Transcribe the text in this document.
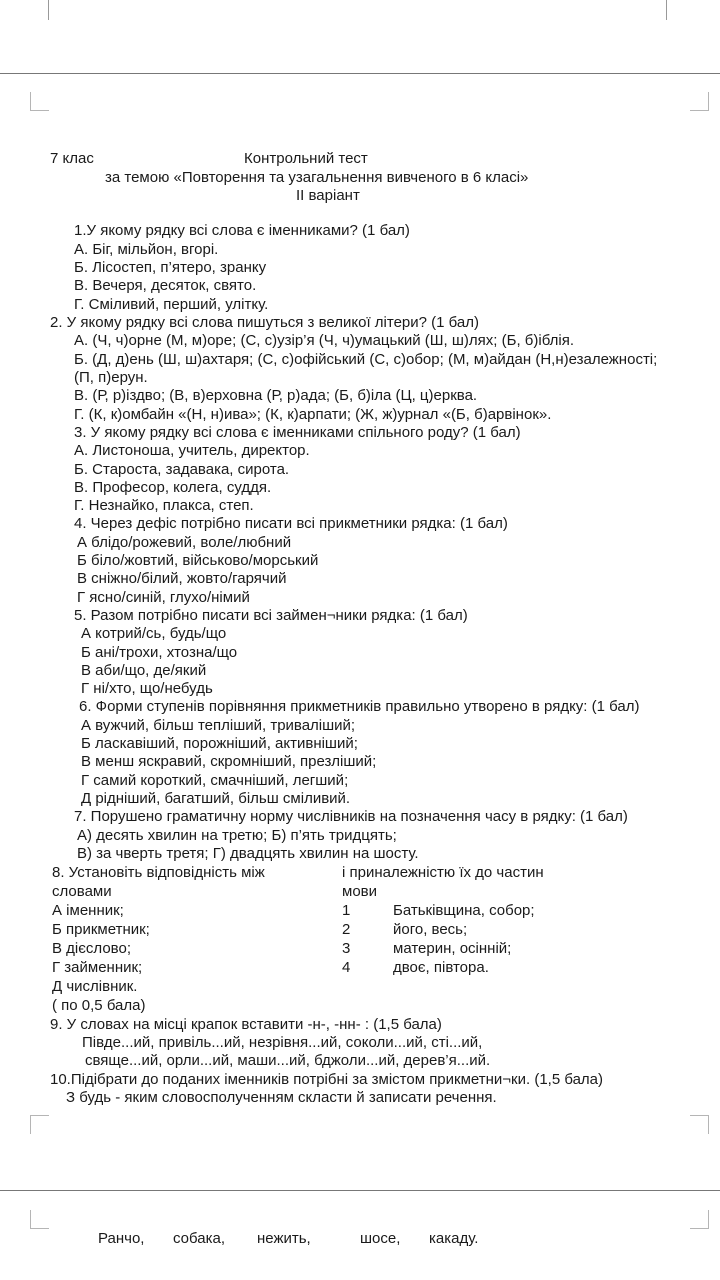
7 клас	Контрольний тест
за темою «Повторення та узагальнення вивченого в 6 класі»
ІІ варіант
1.У якому рядку всі слова є іменниками? (1 бал)
А. Біг, мільйон, вгорі.
Б. Лісостеп, п’ятеро, зранку
В. Вечеря, десяток, свято.
Г. Сміливий, перший, улітку.
2. У якому рядку всі слова пишуться з великої літери? (1 бал)
А. (Ч, ч)орне (М, м)оре; (С, с)узір’я (Ч, ч)умацький (Ш, ш)лях; (Б, б)іблія.
Б. (Д, д)ень (Ш, ш)ахтаря; (С, с)офійський (С, с)обор; (М, м)айдан (Н,н)езалежності;
(П, п)ерун.
В. (Р, р)іздво; (В, в)ерховна (Р, р)ада; (Б, б)іла (Ц, ц)ерква.
Г. (К, к)омбайн «(Н, н)ива»; (К, к)арпати; (Ж, ж)урнал «(Б, б)арвінок».
3. У якому рядку всі слова є іменниками спільного роду? (1 бал)
А. Листоноша, учитель, директор.
Б. Староста, задавака, сирота.
В. Професор, колега, суддя.
Г. Незнайко, плакса, степ.
4. Через дефіс потрібно писати всі прикметники рядка: (1 бал)
А блідо/рожевий, воле/любний
Б біло/жовтий, військово/морський
В сніжно/білий, жовто/гарячий
Г ясно/синій, глухо/німий
5. Разом потрібно писати всі займен¬ники рядка: (1 бал)
А котрий/сь, будь/що
Б ані/трохи, хтозна/що
В аби/що, де/який
Г ні/хто, що/небудь
6. Форми ступенів порівняння прикметників правильно утворено в рядку: (1 бал)
А вужчий, більш тепліший, триваліший;
Б ласкавіший, порожніший, активніший;
В менш яскравий, скромніший, презліший;
Г самий короткий, смачніший, легший;
Д рідніший, багатший, більш сміливий.
7. Порушено граматичну норму числівників на позначення часу в рядку: (1 бал)
А) десять хвилин на третю; Б) п’ять тридцять;
В) за чверть третя; Г) двадцять хвилин на шосту.
8. Установіть відповідність між
словами
і приналежністю їх до частин
мови
А іменник;
Б прикметник;
В дієслово;
Г займенник;
Д числівник.
1
2
3
4
Батьківщина, собор;
його, весь;
материн, осінній;
двоє, півтора.
( по 0,5 бала)
9. У словах на місці крапок вставити -н-, -нн- : (1,5 бала)
Півде...ий, привіль...ий, незрівня...ий, соколи...ий, сті...ий,
свяще...ий, орли...ий, маши...ий, бджоли...ий, дерев’я...ий.
10.Підібрати до поданих іменників потрібні за змістом прикметни¬ки. (1,5 бала)
З будь - яким словосполученням скласти й записати речення.
Ранчо, собака, нежить,	шосе, какаду.
